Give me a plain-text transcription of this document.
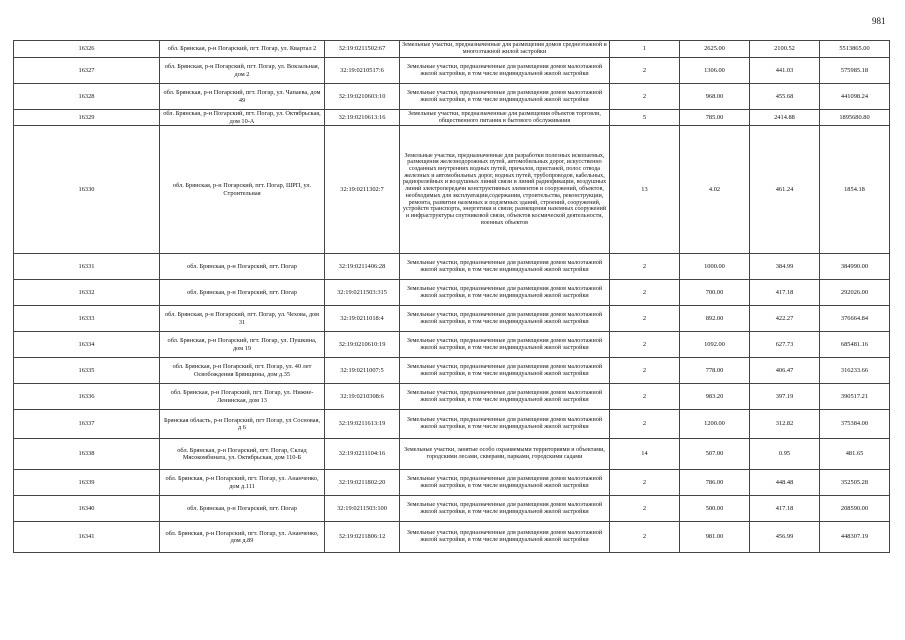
981
16326	обл. Брянская, р-н Погарский, пгт. Погар, ул. Квартал 2	32:19:0211502:67	Земельные участки, предназначенные для размещения домов среднеэтажной и многоэтажной жилой застройки	1	2625.00	2100.52	5513865.00
16327	обл. Брянская, р-н Погарский, пгт. Погар, ул. Вокзальная, дом 2	32:19:0210517:6	Земельные участки, предназначенные для размещения домов малоэтажной жилой застройки, в том числе индивидуальной жилой застройки	2	1306.00	441.03	575985.18
16328	обл. Брянская, р-н Погарский, пгт. Погар, ул. Чапаева, дом 49	32:19:0210603:10	Земельные участки, предназначенные для размещения домов малоэтажной жилой застройки, в том числе индивидуальной жилой застройки	2	968.00	455.68	441098.24
16329	обл. Брянская, р-н Погарский, пгт. Погар, ул. Октябрьская, дом 10-А	32:19:0210613:16	Земельные участки, предназначенные для размещения объектов торговли, общественного питания и бытового обслуживания	5	785.00	2414.88	1895680.80
16330	обл. Брянская, р-н Погарский, пгт. Погар, ШРП, ул. Строительная	32:19:0211302:7	Земельные участки, предназначенные для разработки полезных ископаемых, размещения железнодорожных путей, автомобильных дорог, искусственно созданных внутренних водных путей, причалов, пристаней, полос отвода железных и автомобильных дорог, водных путей, трубопроводов, кабельных, радиорелейных и воздушных линий связи и линий радиофикации, воздушных линий электропередачи конструктивных элементов и сооружений, объектов, необходимых для эксплуатации,содержания, строительства, реконструкции, ремонта, развития наземных и подземных зданий, строений, сооружений, устройств транспорта, энергетики и связи; размещения наземных сооружений и инфраструктуры спутниковой связи, объектов космической деятельности, военных объектов	13	4.02	461.24	1854.18
16331	обл. Брянская, р-н Погарский, пгт. Погар	32:19:0211406:28	Земельные участки, предназначенные для размещения домов малоэтажной жилой застройки, в том числе индивидуальной жилой застройки	2	1000.00	384.99	384990.00
16332	обл. Брянская, р-н Погарский, пгт. Погар	32:19:0211503:315	Земельные участки, предназначенные для размещения домов малоэтажной жилой застройки, в том числе индивидуальной жилой застройки	2	700.00	417.18	292026.00
16333	обл. Брянская, р-н Погарский, пгт. Погар, ул. Чехова, дом 31	32:19:0211018:4	Земельные участки, предназначенные для размещения домов малоэтажной жилой застройки, в том числе индивидуальной жилой застройки	2	892.00	422.27	376664.84
16334	обл. Брянская, р-н Погарский, пгт. Погар, ул. Пушкина, дом 19	32:19:0210610:19	Земельные участки, предназначенные для размещения домов малоэтажной жилой застройки, в том числе индивидуальной жилой застройки	2	1092.00	627.73	685481.16
16335	обл. Брянская, р-н Погарский, пгт. Погар, ул. 40 лет Освобождения Брянщины, дом д.35	32:19:0211007:5	Земельные участки, предназначенные для размещения домов малоэтажной жилой застройки, в том числе индивидуальной жилой застройки	2	778.00	406.47	316233.66
16336	обл. Брянская, р-н Погарский, пгт. Погар, ул. Нижне-Ленинская, дом 13	32:19:0210308:6	Земельные участки, предназначенные для размещения домов малоэтажной жилой застройки, в том числе индивидуальной жилой застройки	2	983.20	397.19	390517.21
16337	Брянская область, р-н Погарский, пгт Погар, ул Сосновая, д 6	32:19:0211613:19	Земельные участки, предназначенные для размещения домов малоэтажной жилой застройки, в том числе индивидуальной жилой застройки	2	1200.00	312.82	375384.00
16338	обл. Брянская, р-н Погарский, пгт. Погар, Склад Мясокомбината, ул. Октябрьская, дом 110-Б	32:19:0211104:16	Земельные участки, занятые особо охраняемыми территориями и объектами, городскими лесами, скверами, парками, городскими садами	14	507.00	0.95	481.65
16339	обл. Брянская, р-н Погарский, пгт. Погар, ул. Ананченко, дом д.111	32:19:0211802:20	Земельные участки, предназначенные для размещения домов малоэтажной жилой застройки, в том числе индивидуальной жилой застройки	2	786.00	448.48	352505.28
16340	обл. Брянская, р-н Погарский, пгт. Погар	32:19:0211503:100	Земельные участки, предназначенные для размещения домов малоэтажной жилой застройки, в том числе индивидуальной жилой застройки	2	500.00	417.18	208590.00
16341	обл. Брянская, р-н Погарский, пгт. Погар, ул. Ананченко, дом д.89	32:19:0211806:12	Земельные участки, предназначенные для размещения домов малоэтажной жилой застройки, в том числе индивидуальной жилой застройки	2	981.00	456.99	448307.19
